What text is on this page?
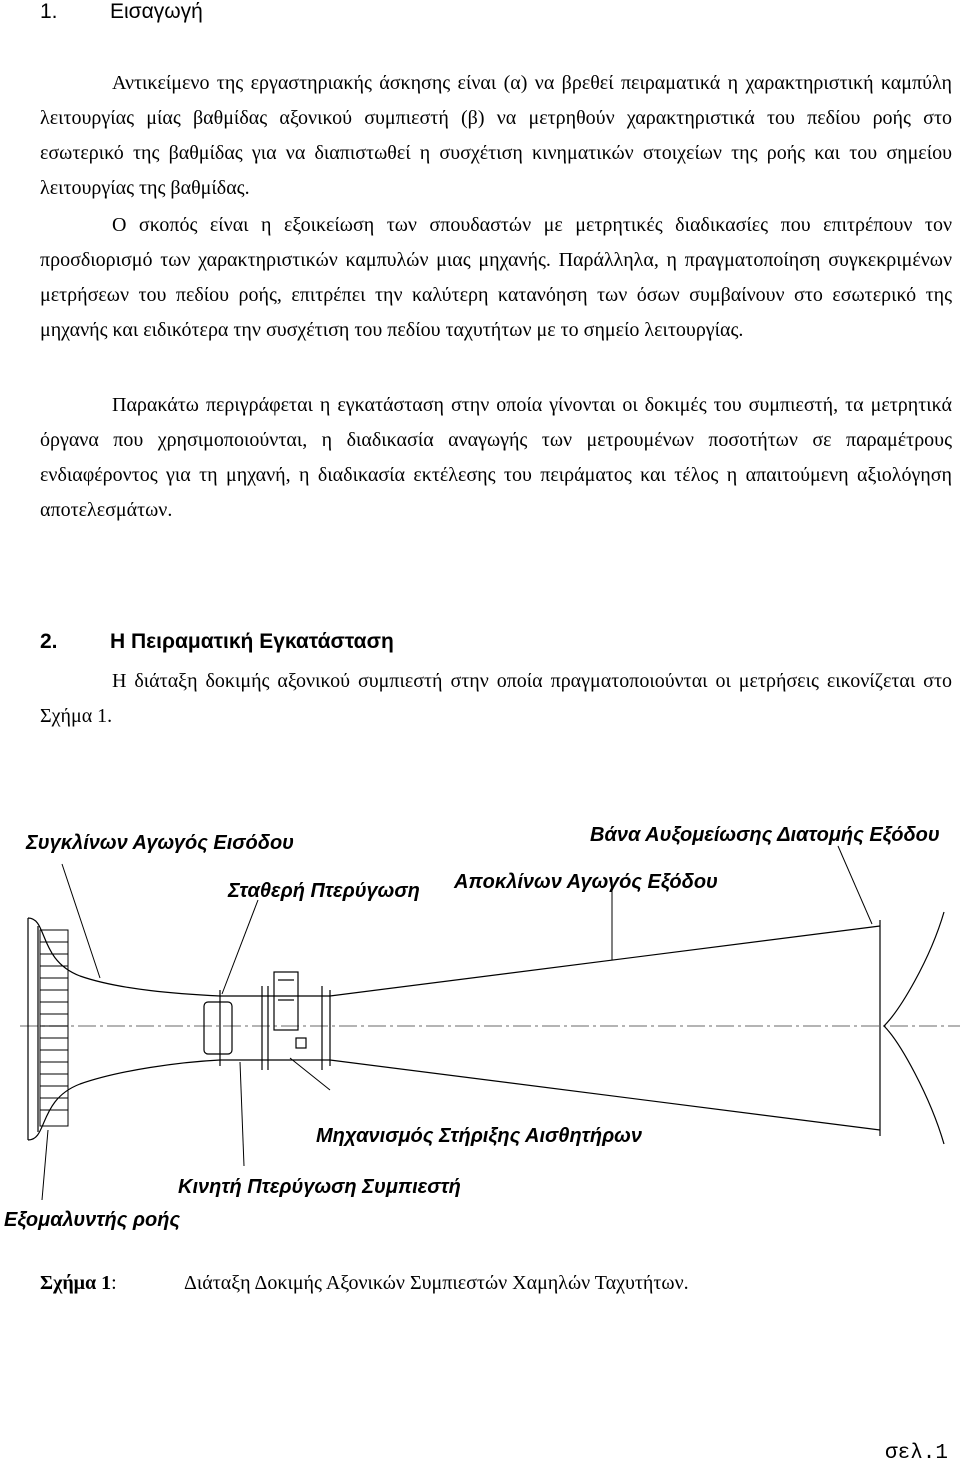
1. Εισαγωγή
Αντικείμενο της εργαστηριακής άσκησης είναι (α) να βρεθεί πειραματικά η χαρακτηριστική καμπύλη λειτουργίας μίας βαθμίδας αξονικού συμπιεστή (β) να μετρηθούν χαρακτηριστικά του πεδίου ροής στο εσωτερικό της βαθμίδας για να διαπιστωθεί η συσχέτιση κινηματικών στοιχείων της ροής και του σημείου λειτουργίας της βαθμίδας.
Ο σκοπός είναι η εξοικείωση των σπουδαστών με μετρητικές διαδικασίες που επιτρέπουν τον προσδιορισμό των χαρακτηριστικών καμπυλών μιας μηχανής. Παράλληλα, η πραγματοποίηση συγκεκριμένων μετρήσεων του πεδίου ροής, επιτρέπει την καλύτερη κατανόηση των όσων συμβαίνουν στο εσωτερικό της μηχανής και ειδικότερα την συσχέτιση του πεδίου ταχυτήτων με το σημείο λειτουργίας.
Παρακάτω περιγράφεται η εγκατάσταση στην οποία γίνονται οι δοκιμές του συμπιεστή, τα μετρητικά όργανα που χρησιμοποιούνται, η διαδικασία αναγωγής των μετρουμένων ποσοτήτων σε παραμέτρους ενδιαφέροντος για τη μηχανή, η διαδικασία εκτέλεσης του πειράματος και τέλος η απαιτούμενη αξιολόγηση αποτελεσμάτων.
2. Η Πειραματική Εγκατάσταση
Η διάταξη δοκιμής αξονικού συμπιεστή στην οποία πραγματοποιούνται οι μετρήσεις εικονίζεται στο Σχήμα 1.
Συγκλίνων Αγωγός Εισόδου	Βάνα Αυξομείωσης Διατομής Εξόδου
Σταθερή Πτερύγωση Αποκλίνων Αγωγός Εξόδου
Μηχανισμός Στήριξης Αισθητήρων
Κινητή Πτερύγωση Συμπιεστή
Εξομαλυντής ροής
Σχήμα 1:	Διάταξη Δοκιμής Αξονικών Συμπιεστών Χαμηλών Ταχυτήτων.
σελ.1
